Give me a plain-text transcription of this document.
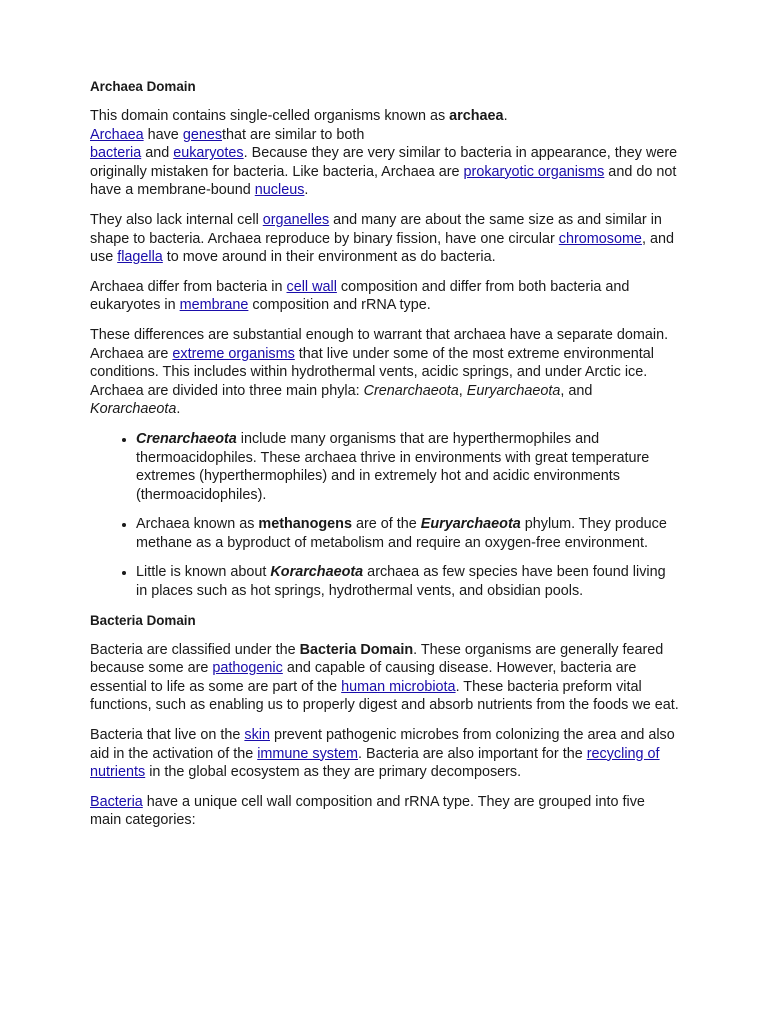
Archaea Domain

This domain contains single-celled organisms known as archaea. Archaea have genesthat are similar to both

bacteria and eukaryotes. Because they are very similar to bacteria in appearance, they were originally mistaken for bacteria. Like bacteria, Archaea are prokaryotic organisms and do not have a membrane-bound nucleus.

They also lack internal cell organelles and many are about the same size as and similar in shape to bacteria. Archaea reproduce by binary fission, have one circular chromosome, and use flagella to move around in their environment as do bacteria.

Archaea differ from bacteria in cell wall composition and differ from both bacteria and eukaryotes in membrane composition and rRNA type.

These differences are substantial enough to warrant that archaea have a separate domain. Archaea are extreme organisms that live under some of the most extreme environmental conditions. This includes within hydrothermal vents, acidic springs, and under Arctic ice. Archaea are divided into three main phyla: Crenarchaeota, Euryarchaeota, and Korarchaeota.

• Crenarchaeota include many organisms that are hyperthermophiles and thermoacidophiles. These archaea thrive in environments with great temperature extremes (hyperthermophiles) and in extremely hot and acidic environments (thermoacidophiles).
• Archaea known as methanogens are of the Euryarchaeota phylum. They produce methane as a byproduct of metabolism and require an oxygen-free environment.
• Little is known about Korarchaeota archaea as few species have been found living in places such as hot springs, hydrothermal vents, and obsidian pools.
Bacteria Domain

Bacteria are classified under the Bacteria Domain. These organisms are generally feared because some are pathogenic and capable of causing disease. However, bacteria are essential to life as some are part of the human microbiota. These bacteria preform vital functions, such as enabling us to properly digest and absorb nutrients from the foods we eat.

Bacteria that live on the skin prevent pathogenic microbes from colonizing the area and also aid in the activation of the immune system. Bacteria are also important for the recycling of nutrients in the global ecosystem as they are primary decomposers.

Bacteria have a unique cell wall composition and rRNA type. They are grouped into five main categories:
